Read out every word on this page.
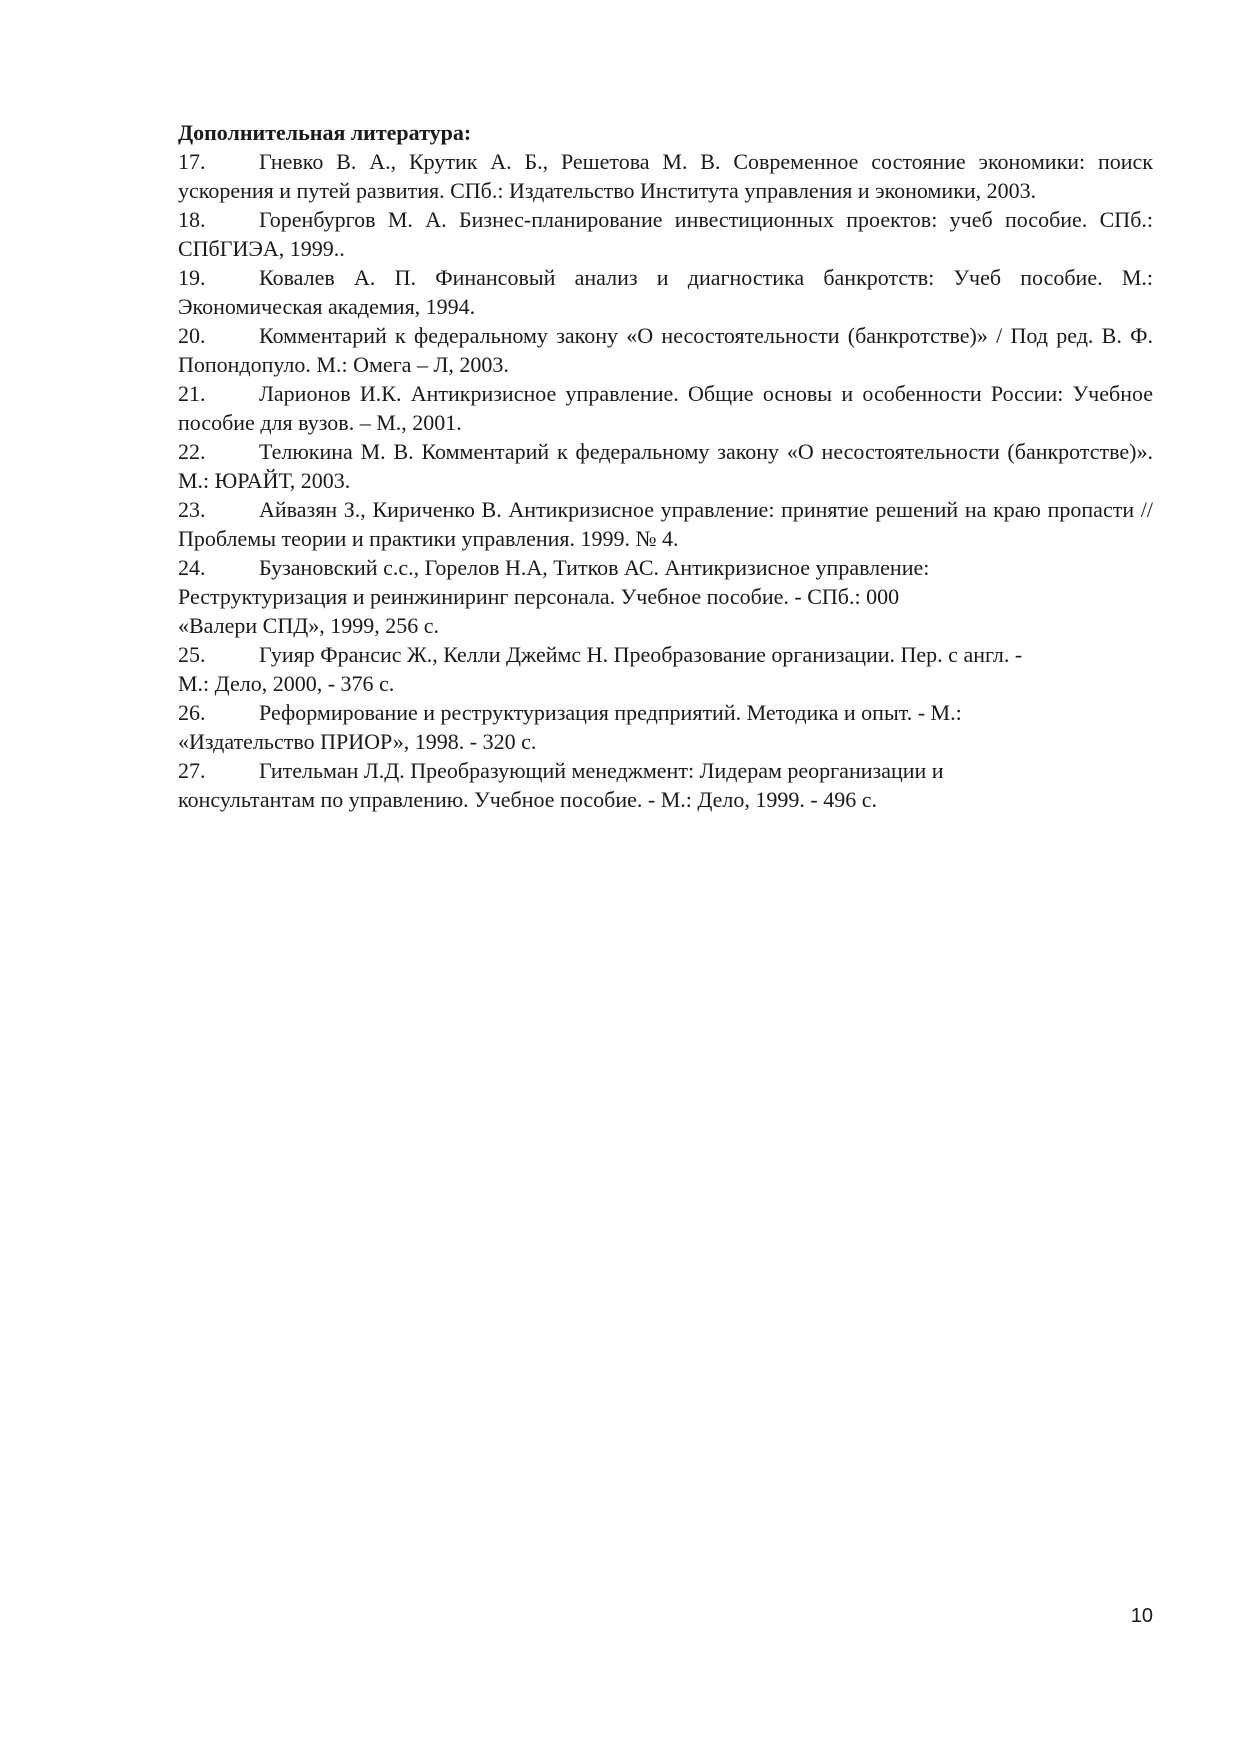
Дополнительная литература:

17. Гневко В. А., Крутик А. Б., Решетова М. В. Современное состояние экономики: поиск ускорения и путей развития. СПб.: Издательство Института управления и экономики, 2003.
18. Горенбургов М. А. Бизнес-планирование инвестиционных проектов: учеб пособие. СПб.: СПбГИЭА, 1999..
19. Ковалев А. П. Финансовый анализ и диагностика банкротств: Учеб пособие. М.: Экономическая академия, 1994.
20. Комментарий к федеральному закону «О несостоятельности (банкротстве)» / Под ред. В. Ф. Попондопуло. М.: Омега – Л, 2003.
21. Ларионов И.К. Антикризисное управление. Общие основы и особенности России: Учебное пособие для вузов. – М., 2001.
22. Телюкина М. В. Комментарий к федеральному закону «О несостоятельности (банкротстве)». М.: ЮРАЙТ, 2003.
23. Айвазян З., Кириченко В. Антикризисное управление: принятие решений на краю пропасти // Проблемы теории и практики управления. 1999. № 4.
24. Бузановский с.с., Горелов Н.А, Титков АС. Антикризисное управление:
Реструктуризация и реинжиниринг персонала. Учебное пособие. - СПб.: 000
«Валери СПД», 1999, 256 с.
25. Гуияр Франсис Ж., Келли Джеймс Н. Преобразование организации. Пер. с англ. -
М.: Дело, 2000, - 376 с.
26. Реформирование и реструктуризация предприятий. Методика и опыт. - М.:
«Издательство ПРИОР», 1998. - 320 с.
27. Гительман Л.Д. Преобразующий менеджмент: Лидерам реорганизации и
консультантам по управлению. Учебное пособие. - М.: Дело, 1999. - 496 с.
10
